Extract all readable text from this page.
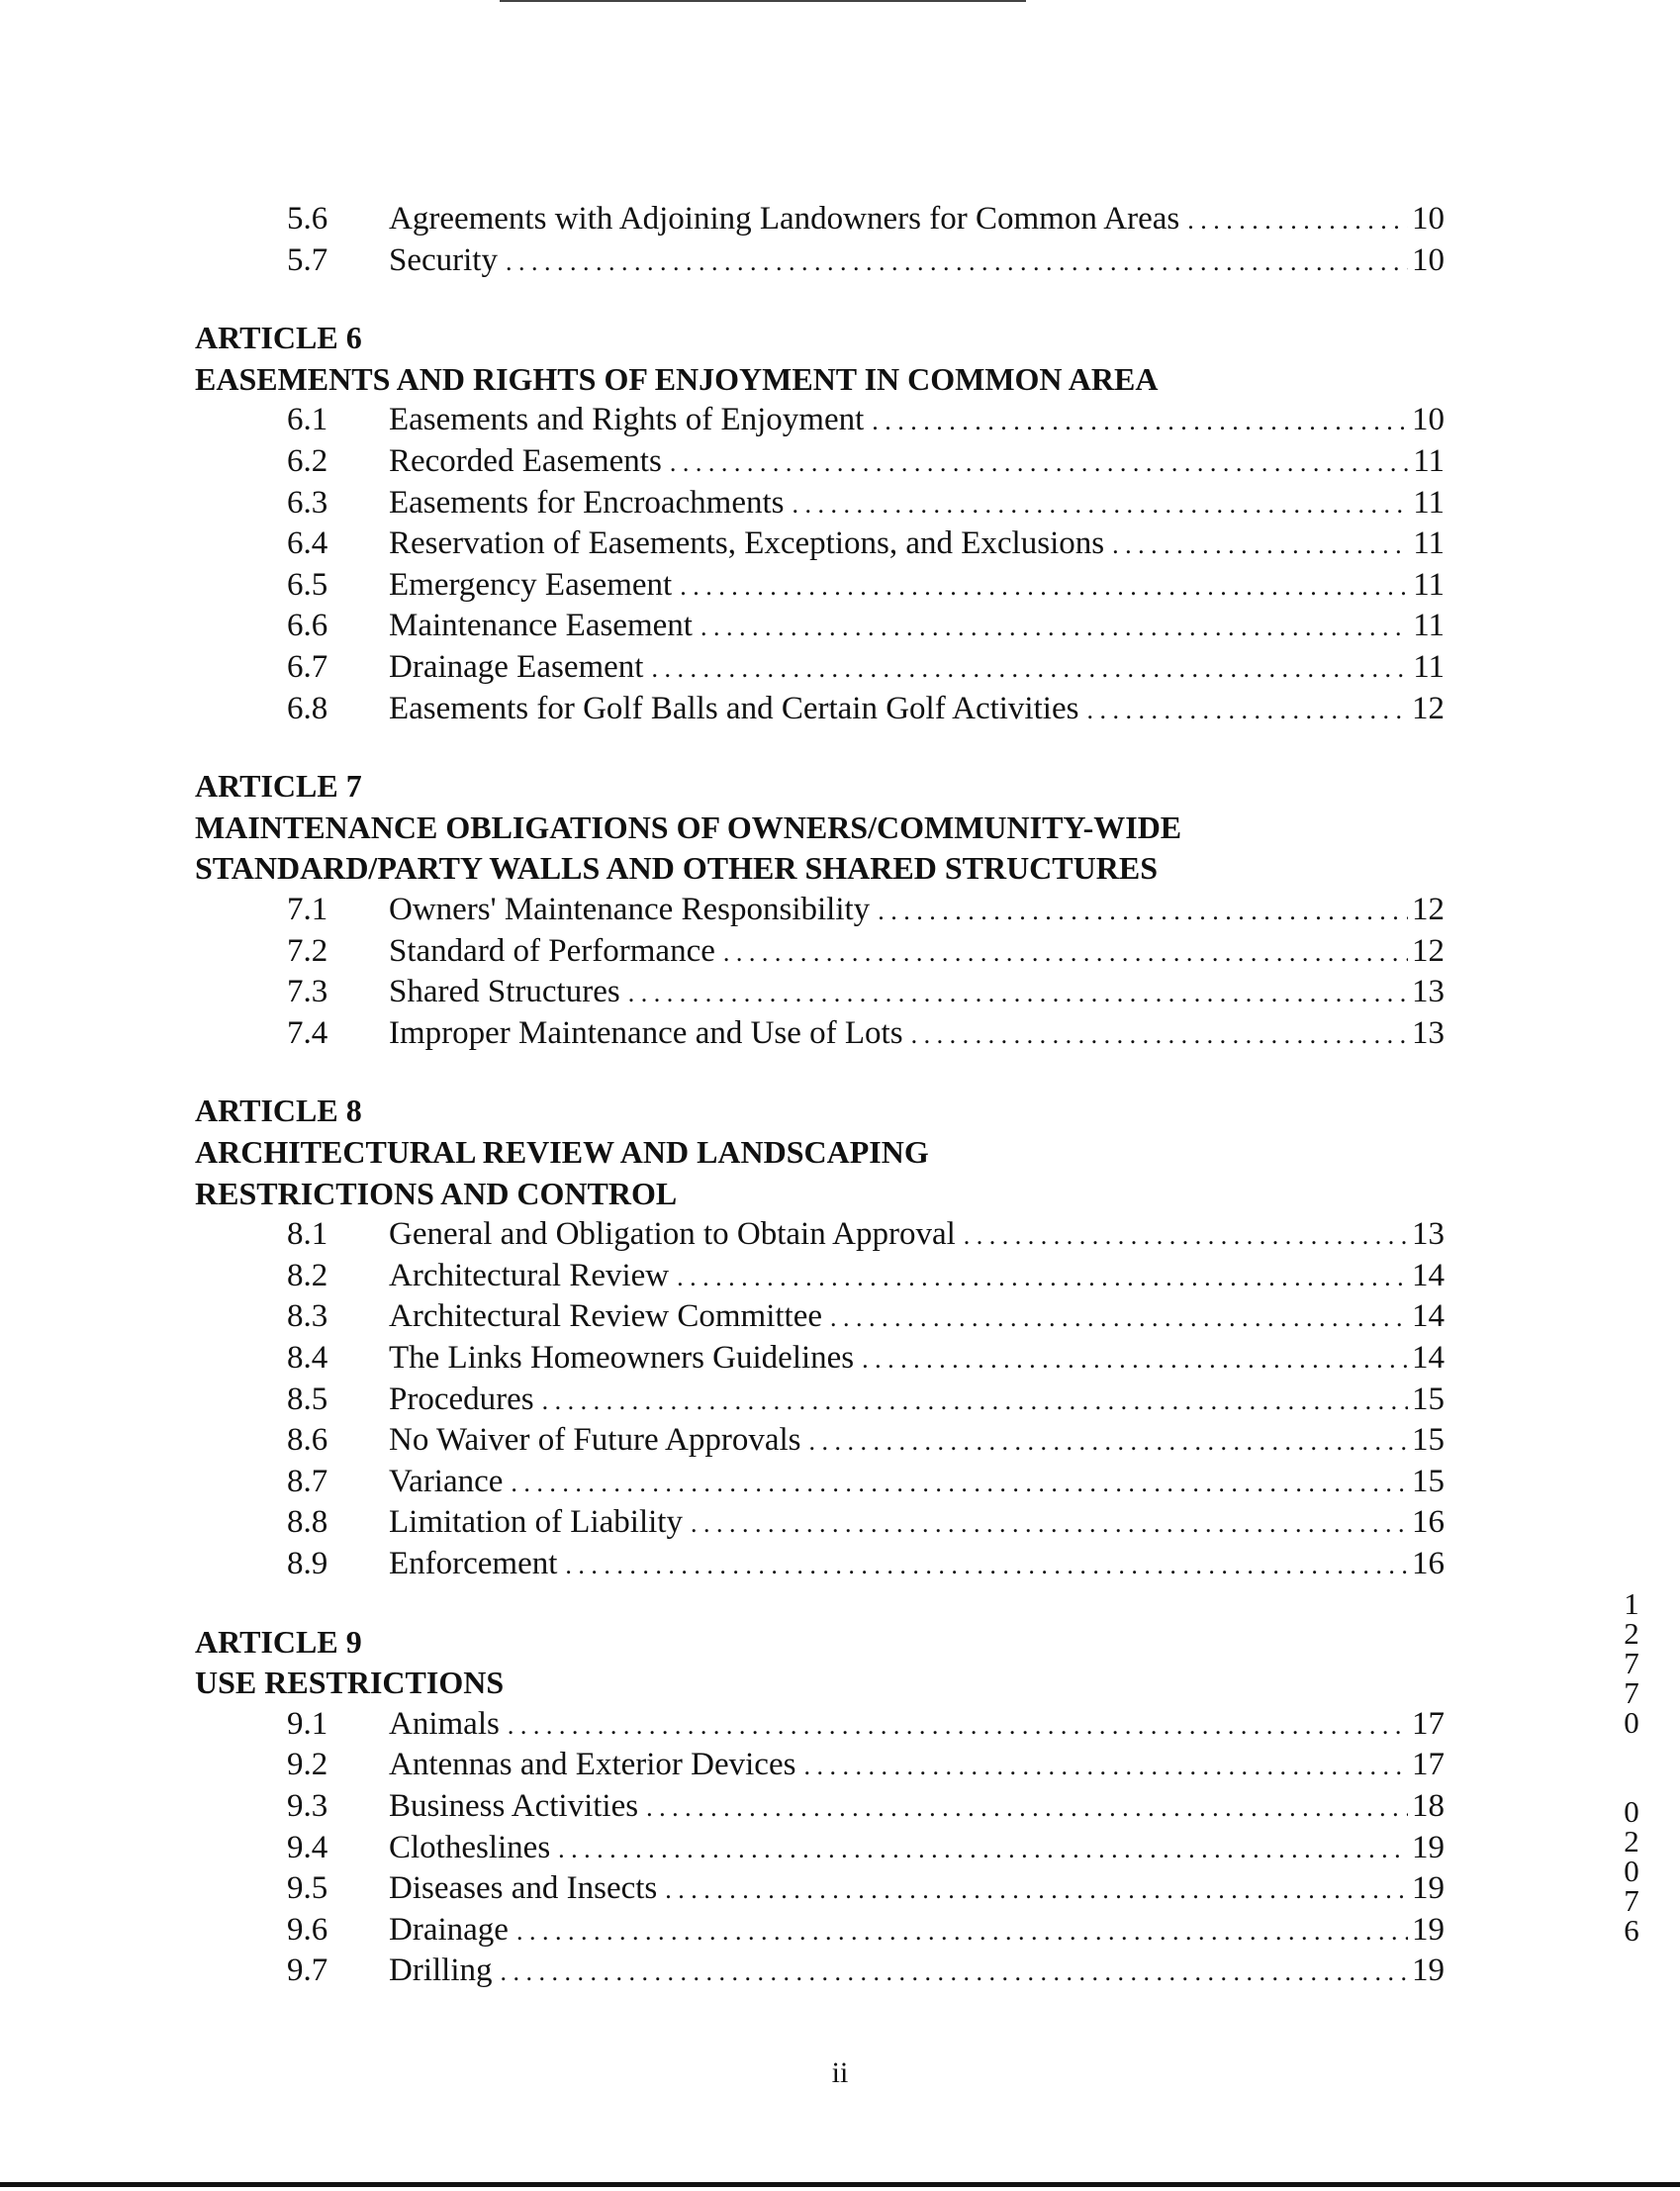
5.6 Agreements with Adjoining Landowners for Common Areas . . .	10
5.7 Security . . .	10
ARTICLE 6
EASEMENTS AND RIGHTS OF ENJOYMENT IN COMMON AREA
6.1 Easements and Rights of Enjoyment . . .	10
6.2 Recorded Easements . . .	11
6.3 Easements for Encroachments . . .	11
6.4 Reservation of Easements, Exceptions, and Exclusions . . .	11
6.5 Emergency Easement . . .	11
6.6 Maintenance Easement . . .	11
6.7 Drainage Easement . . .	11
6.8 Easements for Golf Balls and Certain Golf Activities . . .	12
ARTICLE 7
MAINTENANCE OBLIGATIONS OF OWNERS/COMMUNITY-WIDE
STANDARD/PARTY WALLS AND OTHER SHARED STRUCTURES
7.1 Owners' Maintenance Responsibility . . .	12
7.2 Standard of Performance . . .	12
7.3 Shared Structures . . .	13
7.4 Improper Maintenance and Use of Lots . . .	13
ARTICLE 8
ARCHITECTURAL REVIEW AND LANDSCAPING
RESTRICTIONS AND CONTROL
8.1 General and Obligation to Obtain Approval . . .	13
8.2 Architectural Review . . .	14
8.3 Architectural Review Committee . . .	14
8.4 The Links Homeowners Guidelines . . .	14
8.5 Procedures . . .	15
8.6 No Waiver of Future Approvals . . .	15
8.7 Variance . . .	15
8.8 Limitation of Liability . . .	16
8.9 Enforcement . . .	16
ARTICLE 9
USE RESTRICTIONS
9.1 Animals . . .	17
9.2 Antennas and Exterior Devices . . .	17
9.3 Business Activities . . .	18
9.4 Clotheslines . . .	19
9.5 Diseases and Insects . . .	19
9.6 Drainage . . .	19
9.7 Drilling . . .	19
ii
1
2
7
7
0

0
2
0
7
6
